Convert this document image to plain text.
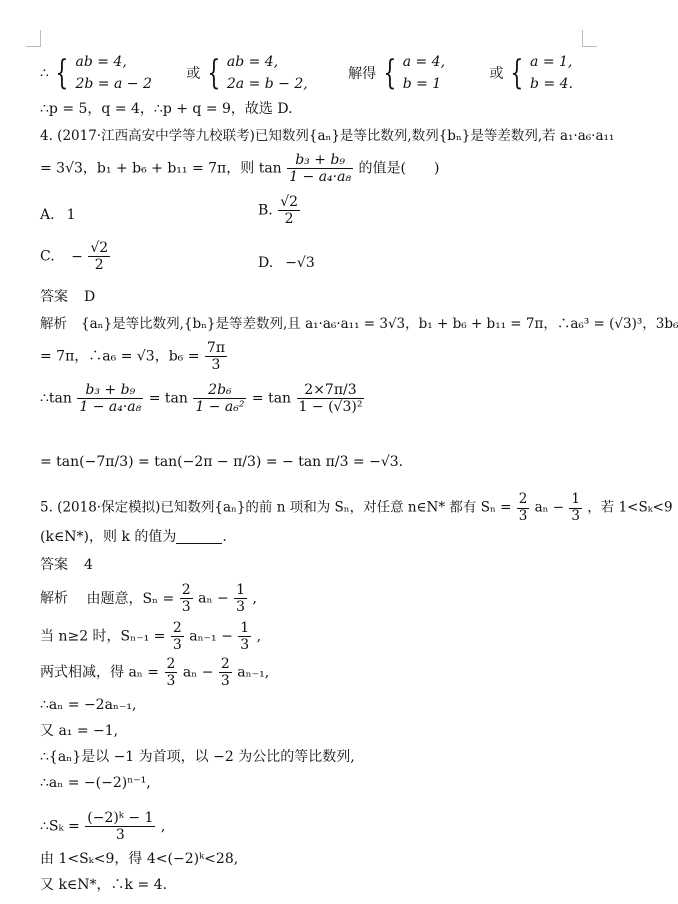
∴ { ab = 4,
2b = a − 2
或 { ab = 4,
2a = b − 2,
解得 { a = 4,
b = 1
或 { a = 1,
b = 4.
∴p = 5，q = 4，∴p + q = 9，故选 D.
4. (2017·江西高安中学等九校联考)已知数列{aₙ}是等比数列,数列{bₙ}是等差数列,若 a₁·a₆·a₁₁
= 3√3，b₁ + b₆ + b₁₁ = 7π，则 $\tan \frac{\text{b₃ + b₉}}{\text{1 − a₄·a₈}}$ 的值是(　　)
A. 1	B. $\frac{√2}{2}$
C. − $\frac{√2}{2}$	D. −√3
答案 D
解析 {aₙ}是等比数列,{bₙ}是等差数列,且 a₁·a₆·a₁₁ = 3√3，b₁ + b₆ + b₁₁ = 7π，∴a₆³ = (√3)³，3b₆
= 7π，∴a₆ = √3，$b_6 = \frac{7\pi}{3}$
∴tan $\frac{\text{b₃ + b₉}}{\text{1 − a₄·a₈}} = \tan \frac{\text{2b₆}}{\text{1 − a₆²}} = \tan \frac{2\times 7\pi/3}{\text{1 − (√3)²}}$
= tan(−7π/3) = tan(−2π − π/3) = − tan π/3 = −√3.
5. (2018·保定模拟)已知数列{aₙ}的前 n 项和为 Sₙ，对任意 n∈N* 都有 $S_n = \frac{2}{3}$ $a_n - \frac{1}{3}$ ，若 1<Sₖ<9
(k∈N*)，则 k 的值为	.
答案 4
解析 由题意，$S_n = \frac{2}{3}$ $a_n - \frac{1}{3}$ ,
当 n≥2 时，$S_{n-1} = \frac{2}{3} a_{n-1} - \frac{1}{3}$ ,
两式相减，得 $a_n = \frac{2}{3}$ $a_n - \frac{2}{3} a_{n-1}$,
∴aₙ = −2aₙ₋₁,
又 a₁ = −1,
∴{aₙ}是以 −1 为首项，以 −2 为公比的等比数列,
∴aₙ = −(−2)ⁿ⁻¹,
∴Sₖ = $\frac{\text{(−2)ᵏ − 1}}{3}$ ,
由 1<Sₖ<9，得 4<(−2)ᵏ<28,
又 k∈N*，∴k = 4.
